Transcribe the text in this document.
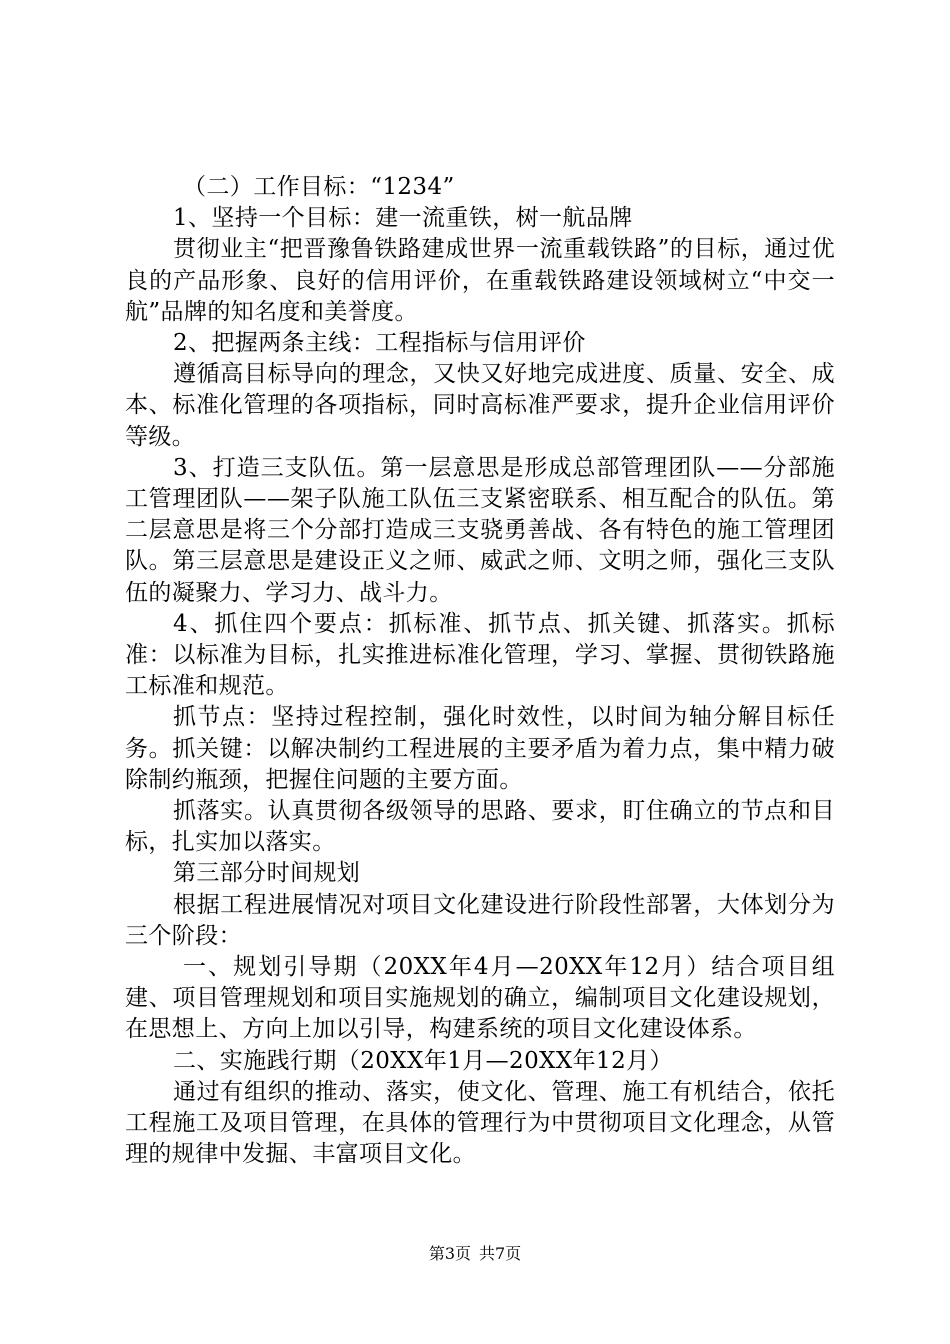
（二）工作目标：“1234”

1、坚持一个目标：建一流重铁，树一航品牌

贯彻业主“把晋豫鲁铁路建成世界一流重载铁路”的目标，通过优良的产品形象、良好的信用评价，在重载铁路建设领域树立“中交一航”品牌的知名度和美誉度。

2、把握两条主线：工程指标与信用评价

遵循高目标导向的理念，又快又好地完成进度、质量、安全、成本、标准化管理的各项指标，同时高标准严要求，提升企业信用评价等级。

3、打造三支队伍。第一层意思是形成总部管理团队——分部施工管理团队——架子队施工队伍三支紧密联系、相互配合的队伍。第二层意思是将三个分部打造成三支骁勇善战、各有特色的施工管理团队。第三层意思是建设正义之师、威武之师、文明之师，强化三支队伍的凝聚力、学习力、战斗力。

4、抓住四个要点：抓标准、抓节点、抓关键、抓落实。抓标准：以标准为目标，扎实推进标准化管理，学习、掌握、贯彻铁路施工标准和规范。

抓节点：坚持过程控制，强化时效性，以时间为轴分解目标任务。抓关键：以解决制约工程进展的主要矛盾为着力点，集中精力破除制约瓶颈，把握住问题的主要方面。

抓落实。认真贯彻各级领导的思路、要求，盯住确立的节点和目标，扎实加以落实。

第三部分时间规划

根据工程进展情况对项目文化建设进行阶段性部署，大体划分为三个阶段：

一、规划引导期（20XX年4月—20XX年12月）结合项目组建、项目管理规划和项目实施规划的确立，编制项目文化建设规划，在思想上、方向上加以引导，构建系统的项目文化建设体系。

二、实施践行期（20XX年1月—20XX年12月）

通过有组织的推动、落实，使文化、管理、施工有机结合，依托工程施工及项目管理，在具体的管理行为中贯彻项目文化理念，从管理的规律中发掘、丰富项目文化。

第3页 共7页
